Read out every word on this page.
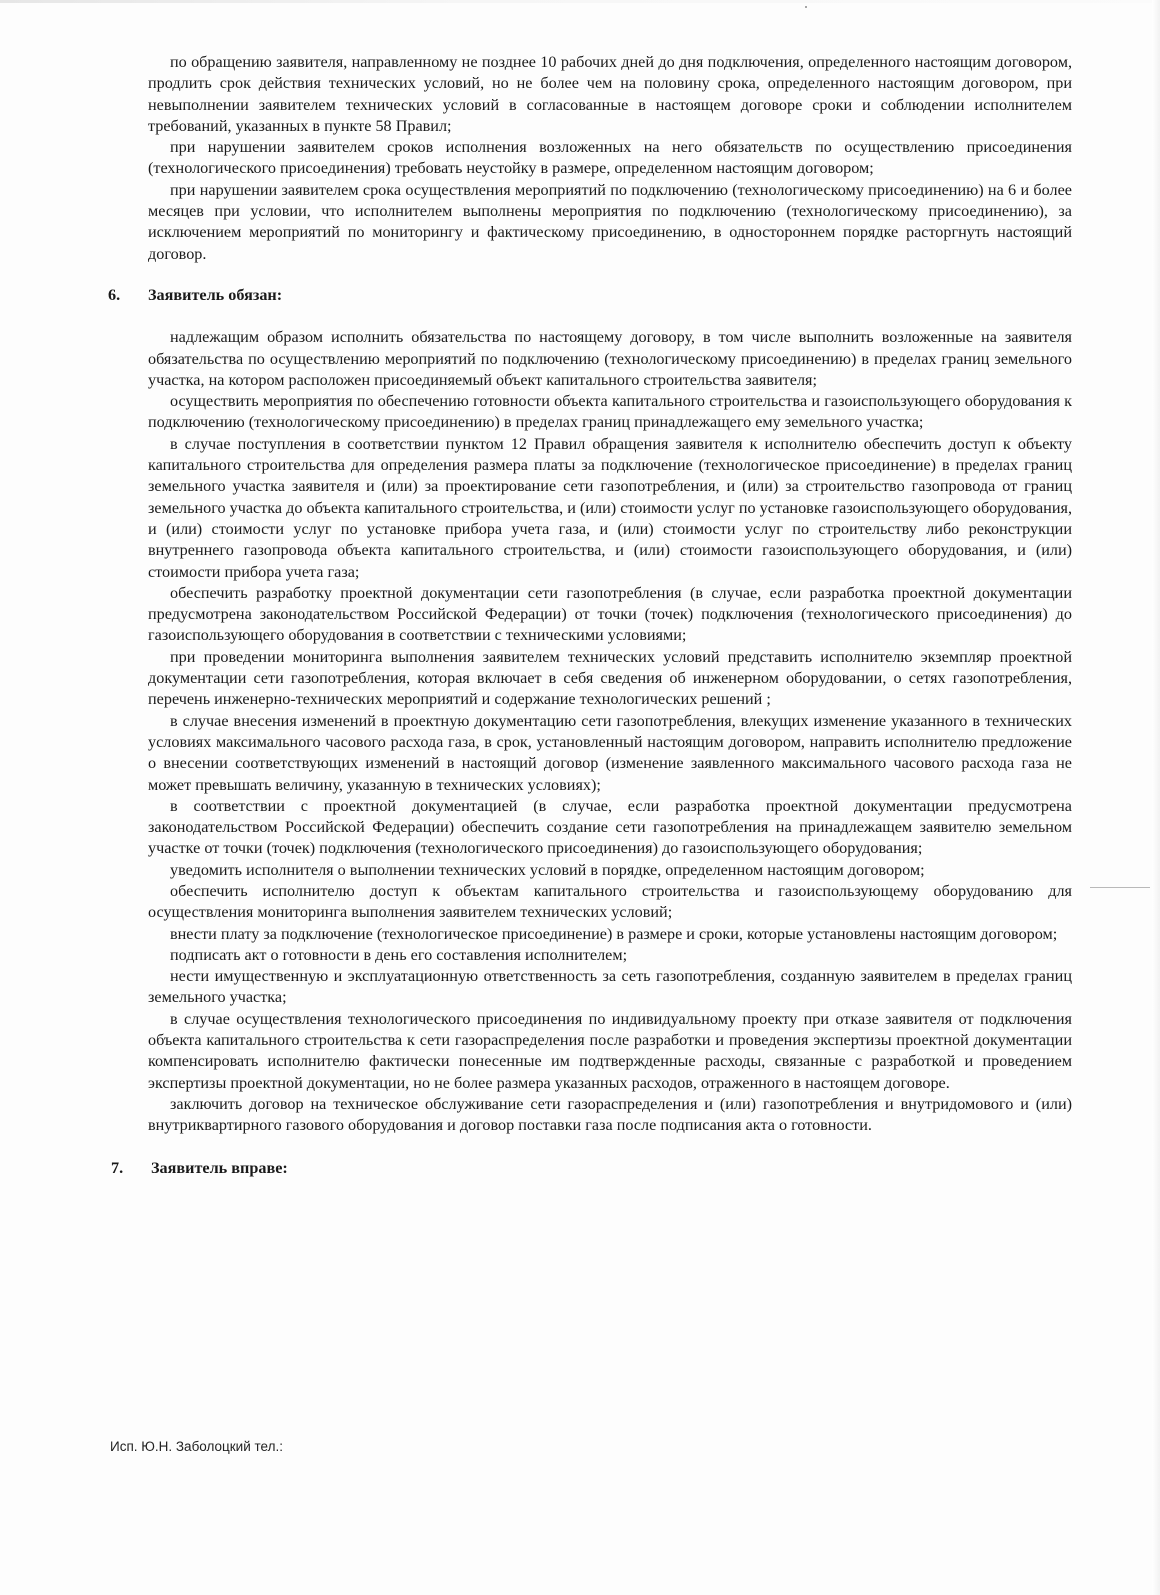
по обращению заявителя, направленному не позднее 10 рабочих дней до дня подключения, определенного настоящим договором, продлить срок действия технических условий, но не более чем на половину срока, определенного настоящим договором, при невыполнении заявителем технических условий в согласованные в настоящем договоре сроки и соблюдении исполнителем требований, указанных в пункте 58 Правил;

при нарушении заявителем сроков исполнения возложенных на него обязательств по осуществлению присоединения (технологического присоединения) требовать неустойку в размере, определенном настоящим договором;

при нарушении заявителем срока осуществления мероприятий по подключению (технологическому присоединению) на 6 и более месяцев при условии, что исполнителем выполнены мероприятия по подключению (технологическому присоединению), за исключением мероприятий по мониторингу и фактическому присоединению, в одностороннем порядке расторгнуть настоящий договор.

6. Заявитель обязан:

надлежащим образом исполнить обязательства по настоящему договору, в том числе выполнить возложенные на заявителя обязательства по осуществлению мероприятий по подключению (технологическому присоединению) в пределах границ земельного участка, на котором расположен присоединяемый объект капитального строительства заявителя;

осуществить мероприятия по обеспечению готовности объекта капитального строительства и газоиспользующего оборудования к подключению (технологическому присоединению) в пределах границ принадлежащего ему земельного участка;

в случае поступления в соответствии пунктом 12 Правил обращения заявителя к исполнителю обеспечить доступ к объекту капитального строительства для определения размера платы за подключение (технологическое присоединение) в пределах границ земельного участка заявителя и (или) за проектирование сети газопотребления, и (или) за строительство газопровода от границ земельного участка до объекта капитального строительства, и (или) стоимости услуг по установке газоиспользующего оборудования, и (или) стоимости услуг по установке прибора учета газа, и (или) стоимости услуг по строительству либо реконструкции внутреннего газопровода объекта капитального строительства, и (или) стоимости газоиспользующего оборудования, и (или) стоимости прибора учета газа;

обеспечить разработку проектной документации сети газопотребления (в случае, если разработка проектной документации предусмотрена законодательством Российской Федерации) от точки (точек) подключения (технологического присоединения) до газоиспользующего оборудования в соответствии с техническими условиями;

при проведении мониторинга выполнения заявителем технических условий представить исполнителю экземпляр проектной документации сети газопотребления, которая включает в себя сведения об инженерном оборудовании, о сетях газопотребления, перечень инженерно-технических мероприятий и содержание технологических решений ;

в случае внесения изменений в проектную документацию сети газопотребления, влекущих изменение указанного в технических условиях максимального часового расхода газа, в срок, установленный настоящим договором, направить исполнителю предложение о внесении соответствующих изменений в настоящий договор (изменение заявленного максимального часового расхода газа не может превышать величину, указанную в технических условиях);

в соответствии с проектной документацией (в случае, если разработка проектной документации предусмотрена законодательством Российской Федерации) обеспечить создание сети газопотребления на принадлежащем заявителю земельном участке от точки (точек) подключения (технологического присоединения) до газоиспользующего оборудования;

уведомить исполнителя о выполнении технических условий в порядке, определенном настоящим договором;

обеспечить исполнителю доступ к объектам капитального строительства и газоиспользующему оборудованию для осуществления мониторинга выполнения заявителем технических условий;

внести плату за подключение (технологическое присоединение) в размере и сроки, которые установлены настоящим договором;

подписать акт о готовности в день его составления исполнителем;

нести имущественную и эксплуатационную ответственность за сеть газопотребления, созданную заявителем в пределах границ земельного участка;

в случае осуществления технологического присоединения по индивидуальному проекту при отказе заявителя от подключения объекта капитального строительства к сети газораспределения после разработки и проведения экспертизы проектной документации компенсировать исполнителю фактически понесенные им подтвержденные расходы, связанные с разработкой и проведением экспертизы проектной документации, но не более размера указанных расходов, отраженного в настоящем договоре.

заключить договор на техническое обслуживание сети газораспределения и (или) газопотребления и внутридомового и (или) внутриквартирного газового оборудования и договор поставки газа после подписания акта о готовности.

7. Заявитель вправе:
Исп. Ю.Н. Заболоцкий тел.:
